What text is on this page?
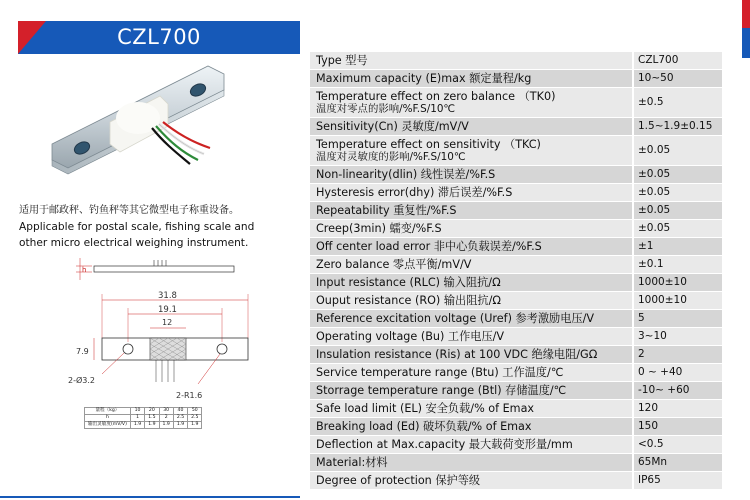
CZL700
适用于邮政秤、钓鱼秤等其它微型电子称重设备。
Applicable for postal scale, fishing scale and
other micro electrical weighing instrument.
h
31.8
19.1
12
7.9
2-Ø3.2
2-R1.6
量程（kg）	10	20	30	40	50
h	1	1.5	2	2.5	2.5
输出灵敏度(mV/V)	1.9	1.9	1.9	1.9	1.9
Type 型号	CZL700

Maximum capacity (E)max 额定量程/kg	10~50

Temperature effect on zero balance （TK0)
温度对零点的影响/%F.S/10℃	±0.5

Sensitivity(Cn) 灵敏度/mV/V	1.5~1.9±0.15

Temperature effect on sensitivity （TKC)
温度对灵敏度的影响/%F.S/10℃	±0.05

Non-linearity(dlin) 线性误差/%F.S	±0.05

Hysteresis error(dhy) 滞后误差/%F.S	±0.05

Repeatability 重复性/%F.S	±0.05

Creep(3min) 蠕变/%F.S	±0.05

Off center load error 非中心负载误差/%F.S	±1

Zero balance 零点平衡/mV/V	±0.1

Input resistance (RLC) 输入阻抗/Ω	1000±10

Ouput resistance (RO) 输出阻抗/Ω	1000±10

Reference excitation voltage (Uref) 参考激励电压/V	5

Operating voltage (Bu) 工作电压/V	3~10

Insulation resistance (Ris) at 100 VDC 绝缘电阻/GΩ	2

Service temperature range (Btu) 工作温度/℃	0 ~ +40

Storrage temperature range (Btl) 存储温度/℃	-10~ +60

Safe load limit (EL) 安全负载/% of Emax	120

Breaking load (Ed) 破坏负载/% of Emax	150

Deflection at Max.capacity 最大载荷变形量/mm	<0.5

Material:材料	65Mn

Degree of protection 保护等级	IP65
